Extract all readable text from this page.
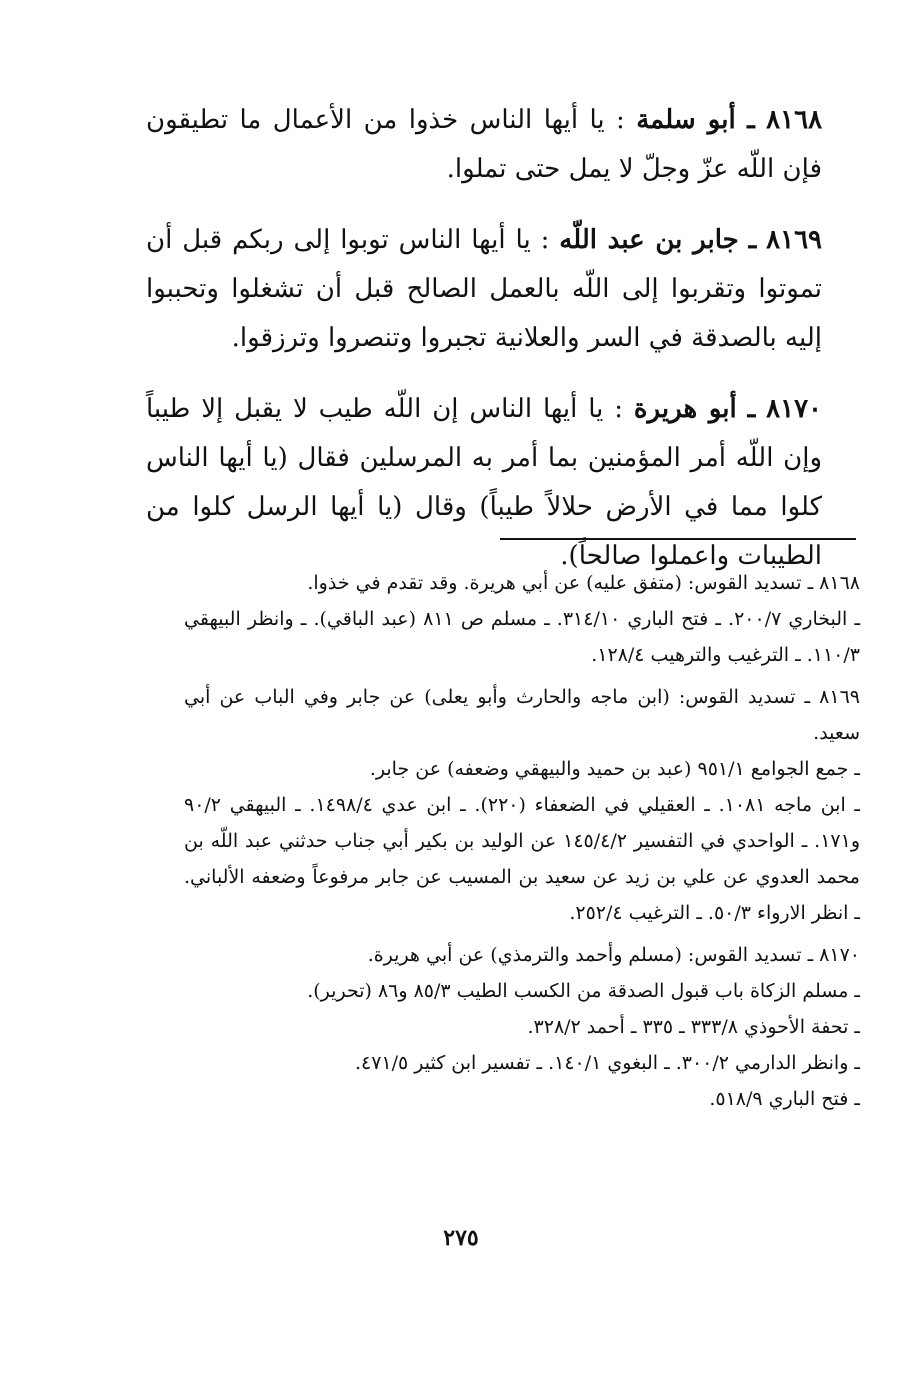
٨١٦٨ ـ أبو سلمة : يا أيها الناس خذوا من الأعمال ما تطيقون فإن اللّه عزّ وجلّ لا يمل حتى تملوا.

٨١٦٩ ـ جابر بن عبد اللّه : يا أيها الناس توبوا إلى ربكم قبل أن تموتوا وتقربوا إلى اللّه بالعمل الصالح قبل أن تشغلوا وتحببوا إليه بالصدقة في السر والعلانية تجبروا وتنصروا وترزقوا.

٨١٧٠ ـ أبو هريرة : يا أيها الناس إن اللّه طيب لا يقبل إلا طيباً وإن اللّه أمر المؤمنين بما أمر به المرسلين فقال (يا أيها الناس كلوا مما في الأرض حلالاً طيباً) وقال (يا أيها الرسل كلوا من الطيبات واعملوا صالحاً).

٨١٦٨ ـ تسديد القوس: (متفق عليه) عن أبي هريرة. وقد تقدم في خذوا.
ـ البخاري ٢٠٠/٧. ـ فتح الباري ٣١٤/١٠. ـ مسلم ص ٨١١ (عبد الباقي). ـ وانظر البيهقي ١١٠/٣. ـ الترغيب والترهيب ١٢٨/٤.
٨١٦٩ ـ تسديد القوس: (ابن ماجه والحارث وأبو يعلى) عن جابر وفي الباب عن أبي سعيد.
ـ جمع الجوامع ٩٥١/١ (عبد بن حميد والبيهقي وضعفه) عن جابر.
ـ ابن ماجه ١٠٨١. ـ العقيلي في الضعفاء (٢٢٠). ـ ابن عدي ١٤٩٨/٤. ـ البيهقي ٩٠/٢ و١٧١. ـ الواحدي في التفسير ١٤٥/٤/٢ عن الوليد بن بكير أبي جناب حدثني عبد اللّه بن محمد العدوي عن علي بن زيد عن سعيد بن المسيب عن جابر مرفوعاً وضعفه الألباني. ـ انظر الارواء ٥٠/٣. ـ الترغيب ٢٥٢/٤.
٨١٧٠ ـ تسديد القوس: (مسلم وأحمد والترمذي) عن أبي هريرة.
ـ مسلم الزكاة باب قبول الصدقة من الكسب الطيب ٨٥/٣ و٨٦ (تحرير).
ـ تحفة الأحوذي ٣٣٣/٨ ـ ٣٣٥ ـ أحمد ٣٢٨/٢.
ـ وانظر الدارمي ٣٠٠/٢. ـ البغوي ١٤٠/١. ـ تفسير ابن كثير ٤٧١/٥.
ـ فتح الباري ٥١٨/٩.
٢٧٥
